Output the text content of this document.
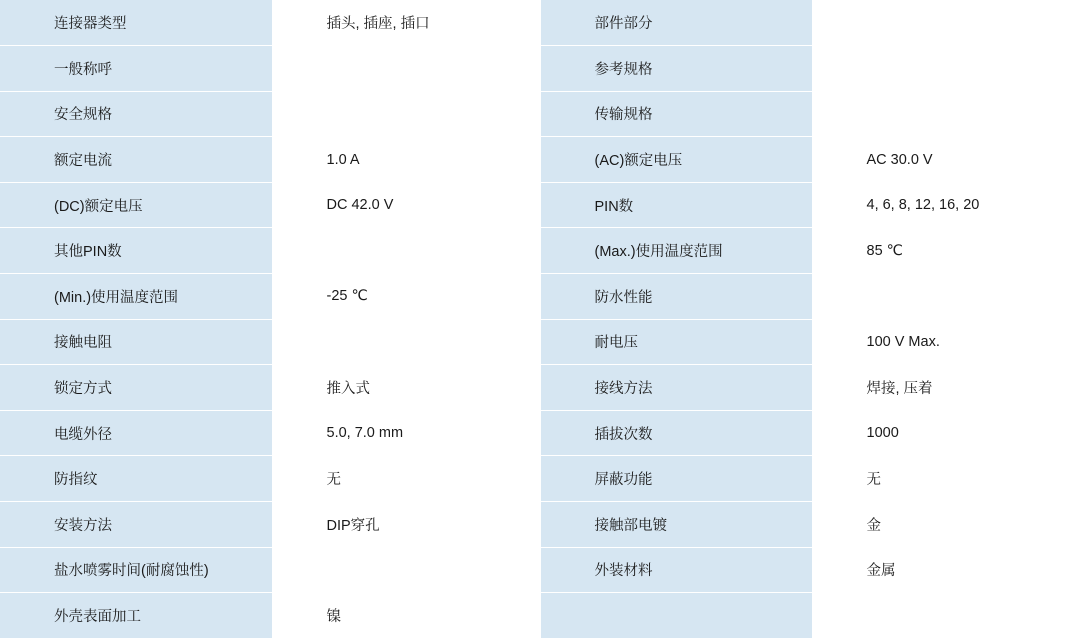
连接器类型	插头, 插座, 插口	部件部分	
一般称呼		参考规格	
安全规格		传输规格	
额定电流	1.0 A	(AC)额定电压	AC 30.0 V
(DC)额定电压	DC 42.0 V	PIN数	4, 6, 8, 12, 16, 20
其他PIN数		(Max.)使用温度范围	85 ℃
(Min.)使用温度范围	-25 ℃	防水性能	
接触电阻		耐电压	100 V Max.
锁定方式	推入式	接线方法	焊接, 压着
电缆外径	5.0, 7.0 mm	插拔次数	1000
防指纹	无	屏蔽功能	无
安装方法	DIP穿孔	接触部电镀	金
盐水喷雾时间(耐腐蚀性)		外装材料	金属
外壳表面加工	镍		
